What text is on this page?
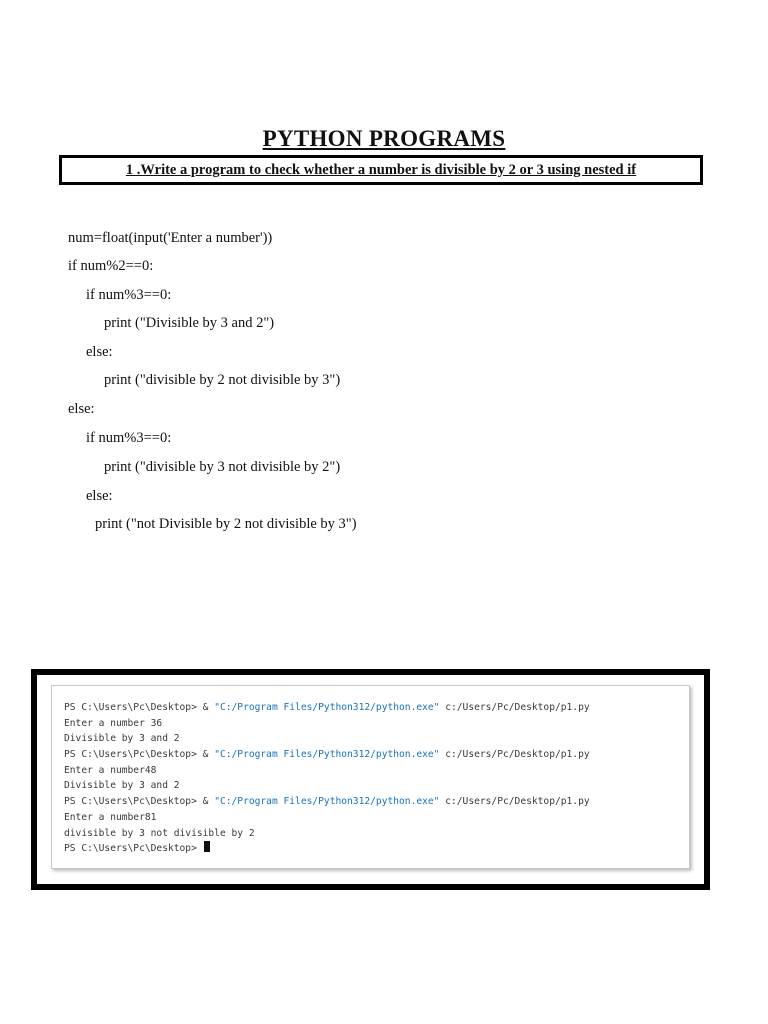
PYTHON PROGRAMS
1 .Write a program to check whether a number is divisible by 2 or 3 using nested if
num=float(input('Enter a number'))
if num%2==0:
if num%3==0:
print ("Divisible by 3 and 2")
else:
print ("divisible by 2 not divisible by 3")
else:
if num%3==0:
print ("divisible by 3 not divisible by 2")
else:
print ("not Divisible by 2 not divisible by 3")
PS C:\Users\Pc\Desktop> & "C:/Program Files/Python312/python.exe" c:/Users/Pc/Desktop/p1.py
Enter a number 36
Divisible by 3 and 2
PS C:\Users\Pc\Desktop> & "C:/Program Files/Python312/python.exe" c:/Users/Pc/Desktop/p1.py
Enter a number48
Divisible by 3 and 2
PS C:\Users\Pc\Desktop> & "C:/Program Files/Python312/python.exe" c:/Users/Pc/Desktop/p1.py
Enter a number81
divisible by 3 not divisible by 2
PS C:\Users\Pc\Desktop>
